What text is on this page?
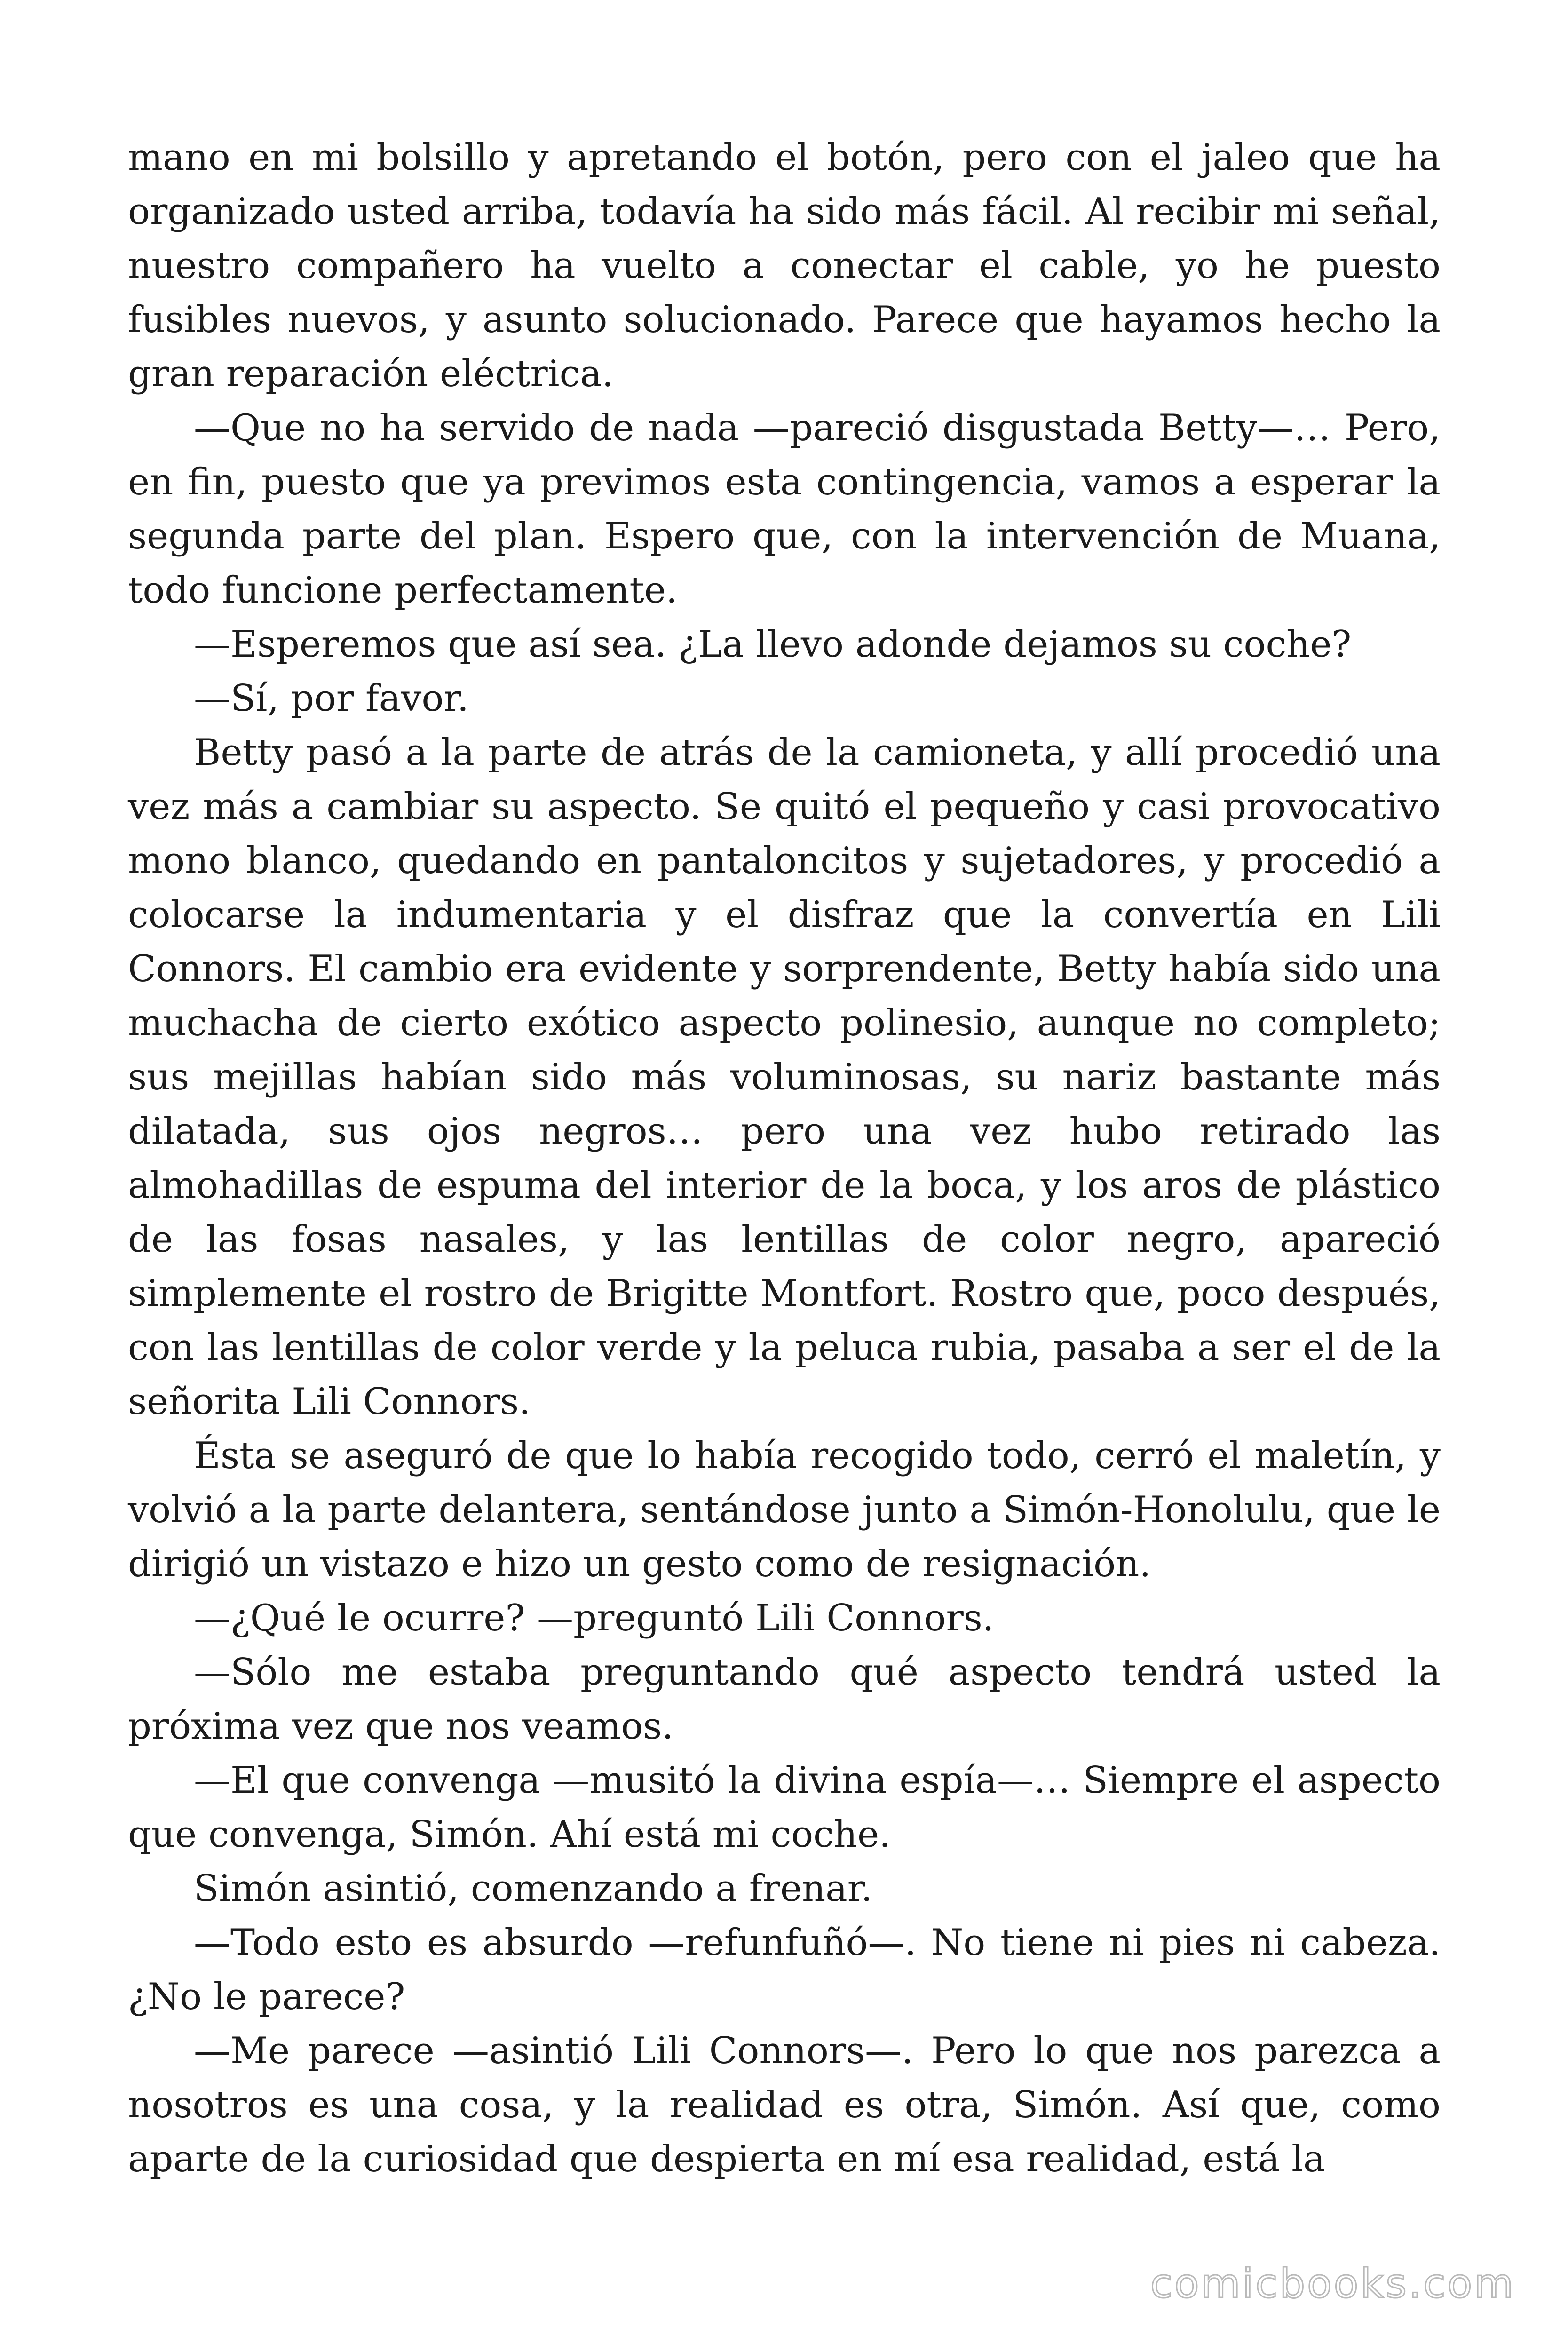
mano en mi bolsillo y apretando el botón, pero con el jaleo que ha organizado usted arriba, todavía ha sido más fácil. Al recibir mi señal, nuestro compañero ha vuelto a conectar el cable, yo he puesto fusibles nuevos, y asunto solucionado. Parece que hayamos hecho la gran reparación eléctrica.

—Que no ha servido de nada —pareció disgustada Betty—… Pero, en fin, puesto que ya previmos esta contingencia, vamos a esperar la segunda parte del plan. Espero que, con la intervención de Muana, todo funcione perfectamente.

—Esperemos que así sea. ¿La llevo adonde dejamos su coche?

—Sí, por favor.

Betty pasó a la parte de atrás de la camioneta, y allí procedió una vez más a cambiar su aspecto. Se quitó el pequeño y casi provocativo mono blanco, quedando en pantaloncitos y sujetadores, y procedió a colocarse la indumentaria y el disfraz que la convertía en Lili Connors. El cambio era evidente y sorprendente, Betty había sido una muchacha de cierto exótico aspecto polinesio, aunque no completo; sus mejillas habían sido más voluminosas, su nariz bastante más dilatada, sus ojos negros… pero una vez hubo retirado las almohadillas de espuma del interior de la boca, y los aros de plástico de las fosas nasales, y las lentillas de color negro, apareció simplemente el rostro de Brigitte Montfort. Rostro que, poco después, con las lentillas de color verde y la peluca rubia, pasaba a ser el de la señorita Lili Connors.

Ésta se aseguró de que lo había recogido todo, cerró el maletín, y volvió a la parte delantera, sentándose junto a Simón-Honolulu, que le dirigió un vistazo e hizo un gesto como de resignación.

—¿Qué le ocurre? —preguntó Lili Connors.

—Sólo me estaba preguntando qué aspecto tendrá usted la próxima vez que nos veamos.

—El que convenga —musitó la divina espía—… Siempre el aspecto que convenga, Simón. Ahí está mi coche.

Simón asintió, comenzando a frenar.

—Todo esto es absurdo —refunfuñó—. No tiene ni pies ni cabeza. ¿No le parece?

—Me parece —asintió Lili Connors—. Pero lo que nos parezca a nosotros es una cosa, y la realidad es otra, Simón. Así que, como aparte de la curiosidad que despierta en mí esa realidad, está la

comicbooks.com
